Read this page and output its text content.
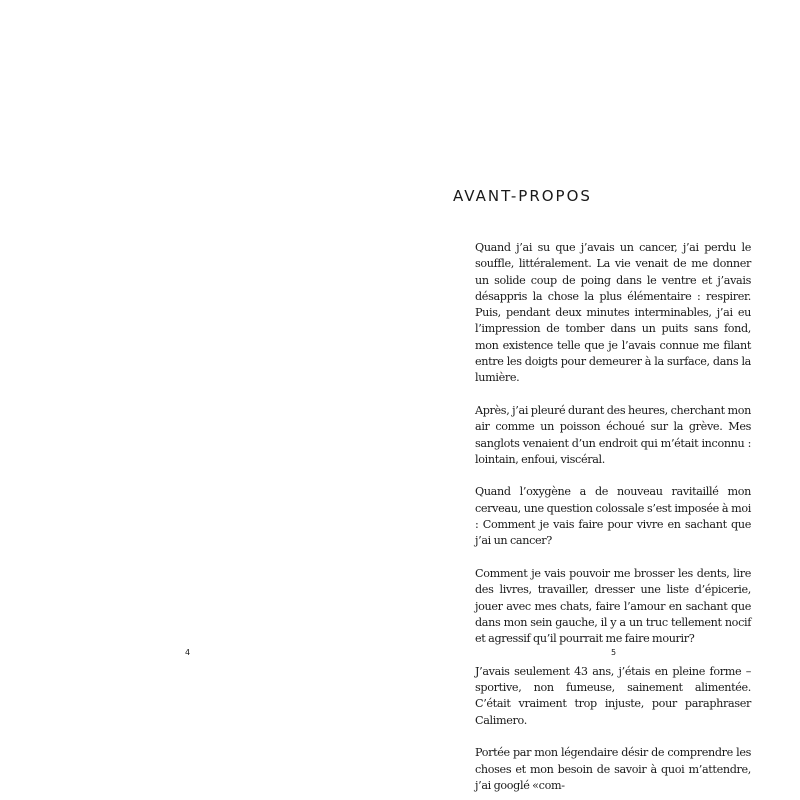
4
AVANT-PROPOS

Quand j’ai su que j’avais un cancer, j’ai perdu le souffle, littéralement. La vie venait de me donner un solide coup de poing dans le ventre et j’avais désappris la chose la plus élémentaire : respirer. Puis, pendant deux minutes interminables, j’ai eu l’impression de tomber dans un puits sans fond, mon existence telle que je l’avais connue me filant entre les doigts pour demeurer à la surface, dans la lumière.

Après, j’ai pleuré durant des heures, cherchant mon air comme un poisson échoué sur la grève. Mes sanglots venaient d’un endroit qui m’était inconnu : lointain, enfoui, viscéral.

Quand l’oxygène a de nouveau ravitaillé mon cerveau, une question colossale s’est imposée à moi : Comment je vais faire pour vivre en sachant que j’ai un cancer?

Comment je vais pouvoir me brosser les dents, lire des livres, travailler, dresser une liste d’épicerie, jouer avec mes chats, faire l’amour en sachant que dans mon sein gauche, il y a un truc tellement nocif et agressif qu’il pourrait me faire mourir?

J’avais seulement 43 ans, j’étais en pleine forme – sportive, non fumeuse, sainement alimentée. C’était vraiment trop injuste, pour paraphraser Calimero.

Portée par mon légendaire désir de comprendre les choses et mon besoin de savoir à quoi m’attendre, j’ai googlé «com-

5
